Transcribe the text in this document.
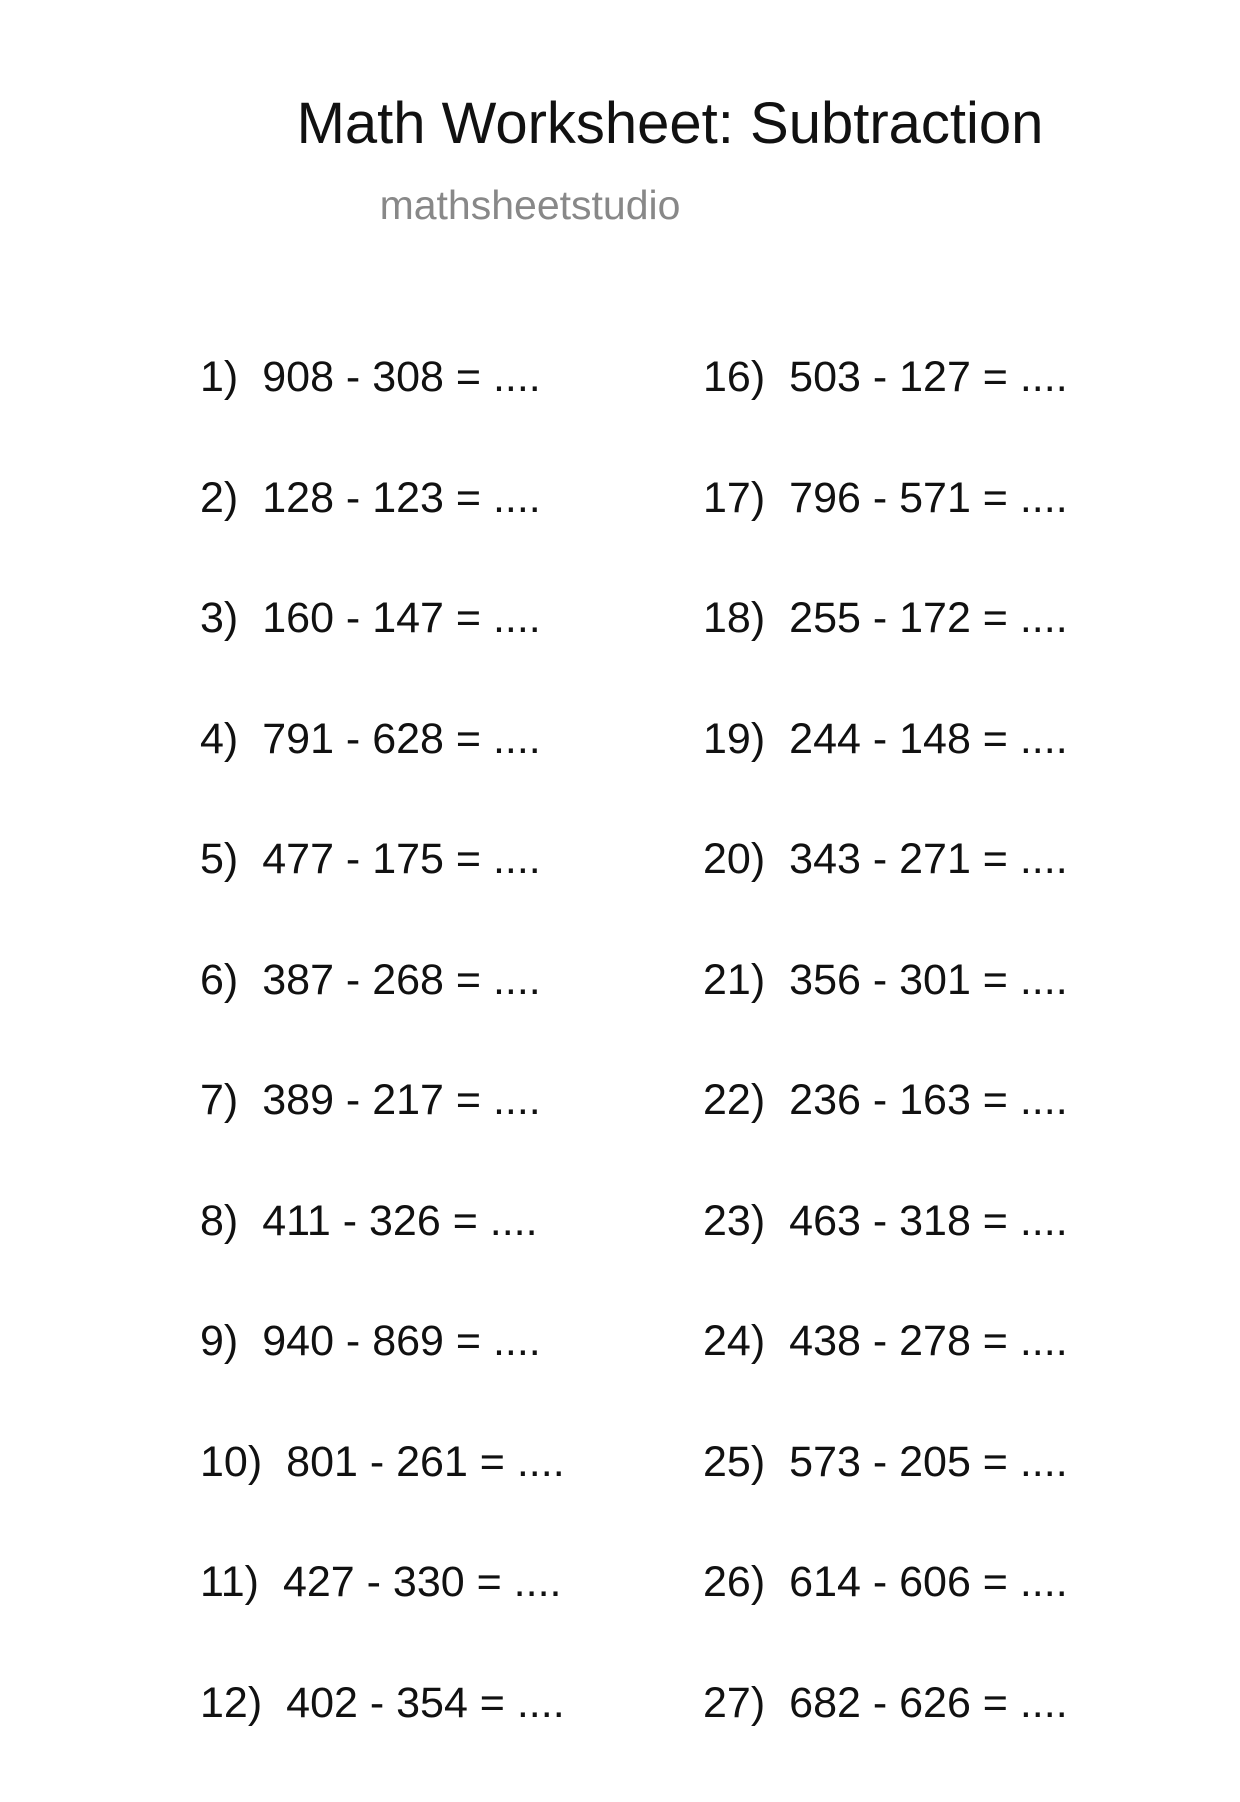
Math Worksheet: Subtraction
mathsheetstudio
1) 908 - 308 = ....
2) 128 - 123 = ....
3) 160 - 147 = ....
4) 791 - 628 = ....
5) 477 - 175 = ....
6) 387 - 268 = ....
7) 389 - 217 = ....
8) 411 - 326 = ....
9) 940 - 869 = ....
10) 801 - 261 = ....
11) 427 - 330 = ....
12) 402 - 354 = ....
16) 503 - 127 = ....
17) 796 - 571 = ....
18) 255 - 172 = ....
19) 244 - 148 = ....
20) 343 - 271 = ....
21) 356 - 301 = ....
22) 236 - 163 = ....
23) 463 - 318 = ....
24) 438 - 278 = ....
25) 573 - 205 = ....
26) 614 - 606 = ....
27) 682 - 626 = ....
